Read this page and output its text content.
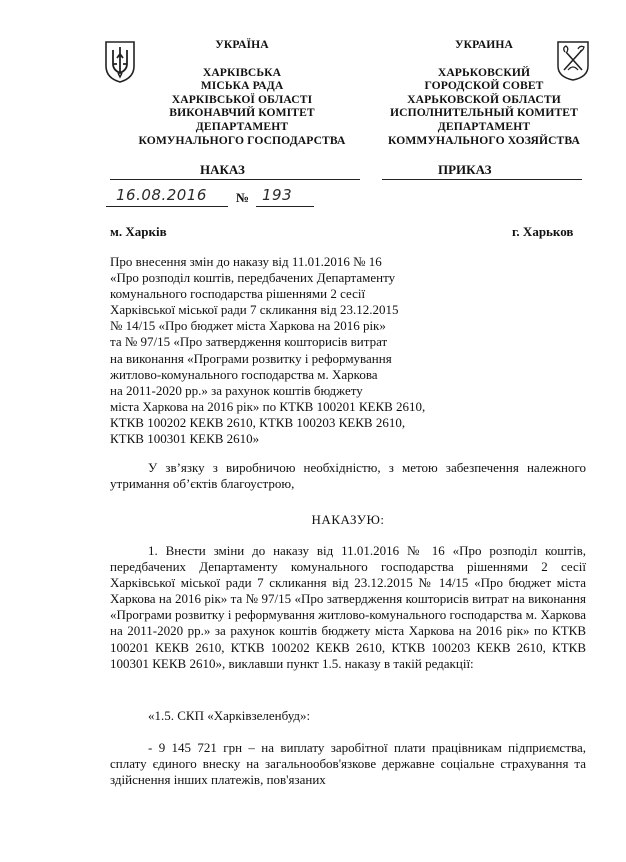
УКРАЇНА
ХАРКІВСЬКА
МІСЬКА РАДА
ХАРКІВСЬКОЇ ОБЛАСТІ
ВИКОНАВЧИЙ КОМІТЕТ
ДЕПАРТАМЕНТ
КОМУНАЛЬНОГО ГОСПОДАРСТВА
УКРАИНА
ХАРЬКОВСКИЙ
ГОРОДСКОЙ СОВЕТ
ХАРЬКОВСКОЙ ОБЛАСТИ
ИСПОЛНИТЕЛЬНЫЙ КОМИТЕТ
ДЕПАРТАМЕНТ
КОММУНАЛЬНОГО ХОЗЯЙСТВА
НАКАЗ	ПРИКАЗ
16.08.2016 № 193
м. Харків	г. Харьков
Про внесення змін до наказу від 11.01.2016 № 16
«Про розподіл коштів, передбачених Департаменту
комунального господарства рішеннями 2 сесії
Харківської міської ради 7 скликання від 23.12.2015
№ 14/15 «Про бюджет міста Харкова на 2016 рік»
та № 97/15 «Про затвердження кошторисів витрат
на виконання «Програми розвитку і реформування
житлово-комунального господарства м. Харкова
на 2011-2020 рр.» за рахунок коштів бюджету
міста Харкова на 2016 рік» по КТКВ 100201 КЕКВ 2610,
КТКВ 100202 КЕКВ 2610, КТКВ 100203 КЕКВ 2610,
КТКВ 100301 КЕКВ 2610»
У зв’язку з виробничою необхідністю, з метою забезпечення належного утримання об’єктів благоустрою,
НАКАЗУЮ:
1. Внести зміни до наказу від 11.01.2016 № 16 «Про розподіл коштів, передбачених Департаменту комунального господарства рішеннями 2 сесії Харківської міської ради 7 скликання від 23.12.2015 № 14/15 «Про бюджет міста Харкова на 2016 рік» та № 97/15 «Про затвердження кошторисів витрат на виконання «Програми розвитку і реформування житлово-комунального господарства м. Харкова на 2011-2020 рр.» за рахунок коштів бюджету міста Харкова на 2016 рік» по КТКВ 100201 КЕКВ 2610, КТКВ 100202 КЕКВ 2610, КТКВ 100203 КЕКВ 2610, КТКВ 100301 КЕКВ 2610», виклавши пункт 1.5. наказу в такій редакції:
«1.5. СКП «Харківзеленбуд»:
- 9 145 721 грн – на виплату заробітної плати працівникам підприємства, сплату єдиного внеску на загальнообов'язкове державне соціальне страхування та здійснення інших платежів, пов'язаних
